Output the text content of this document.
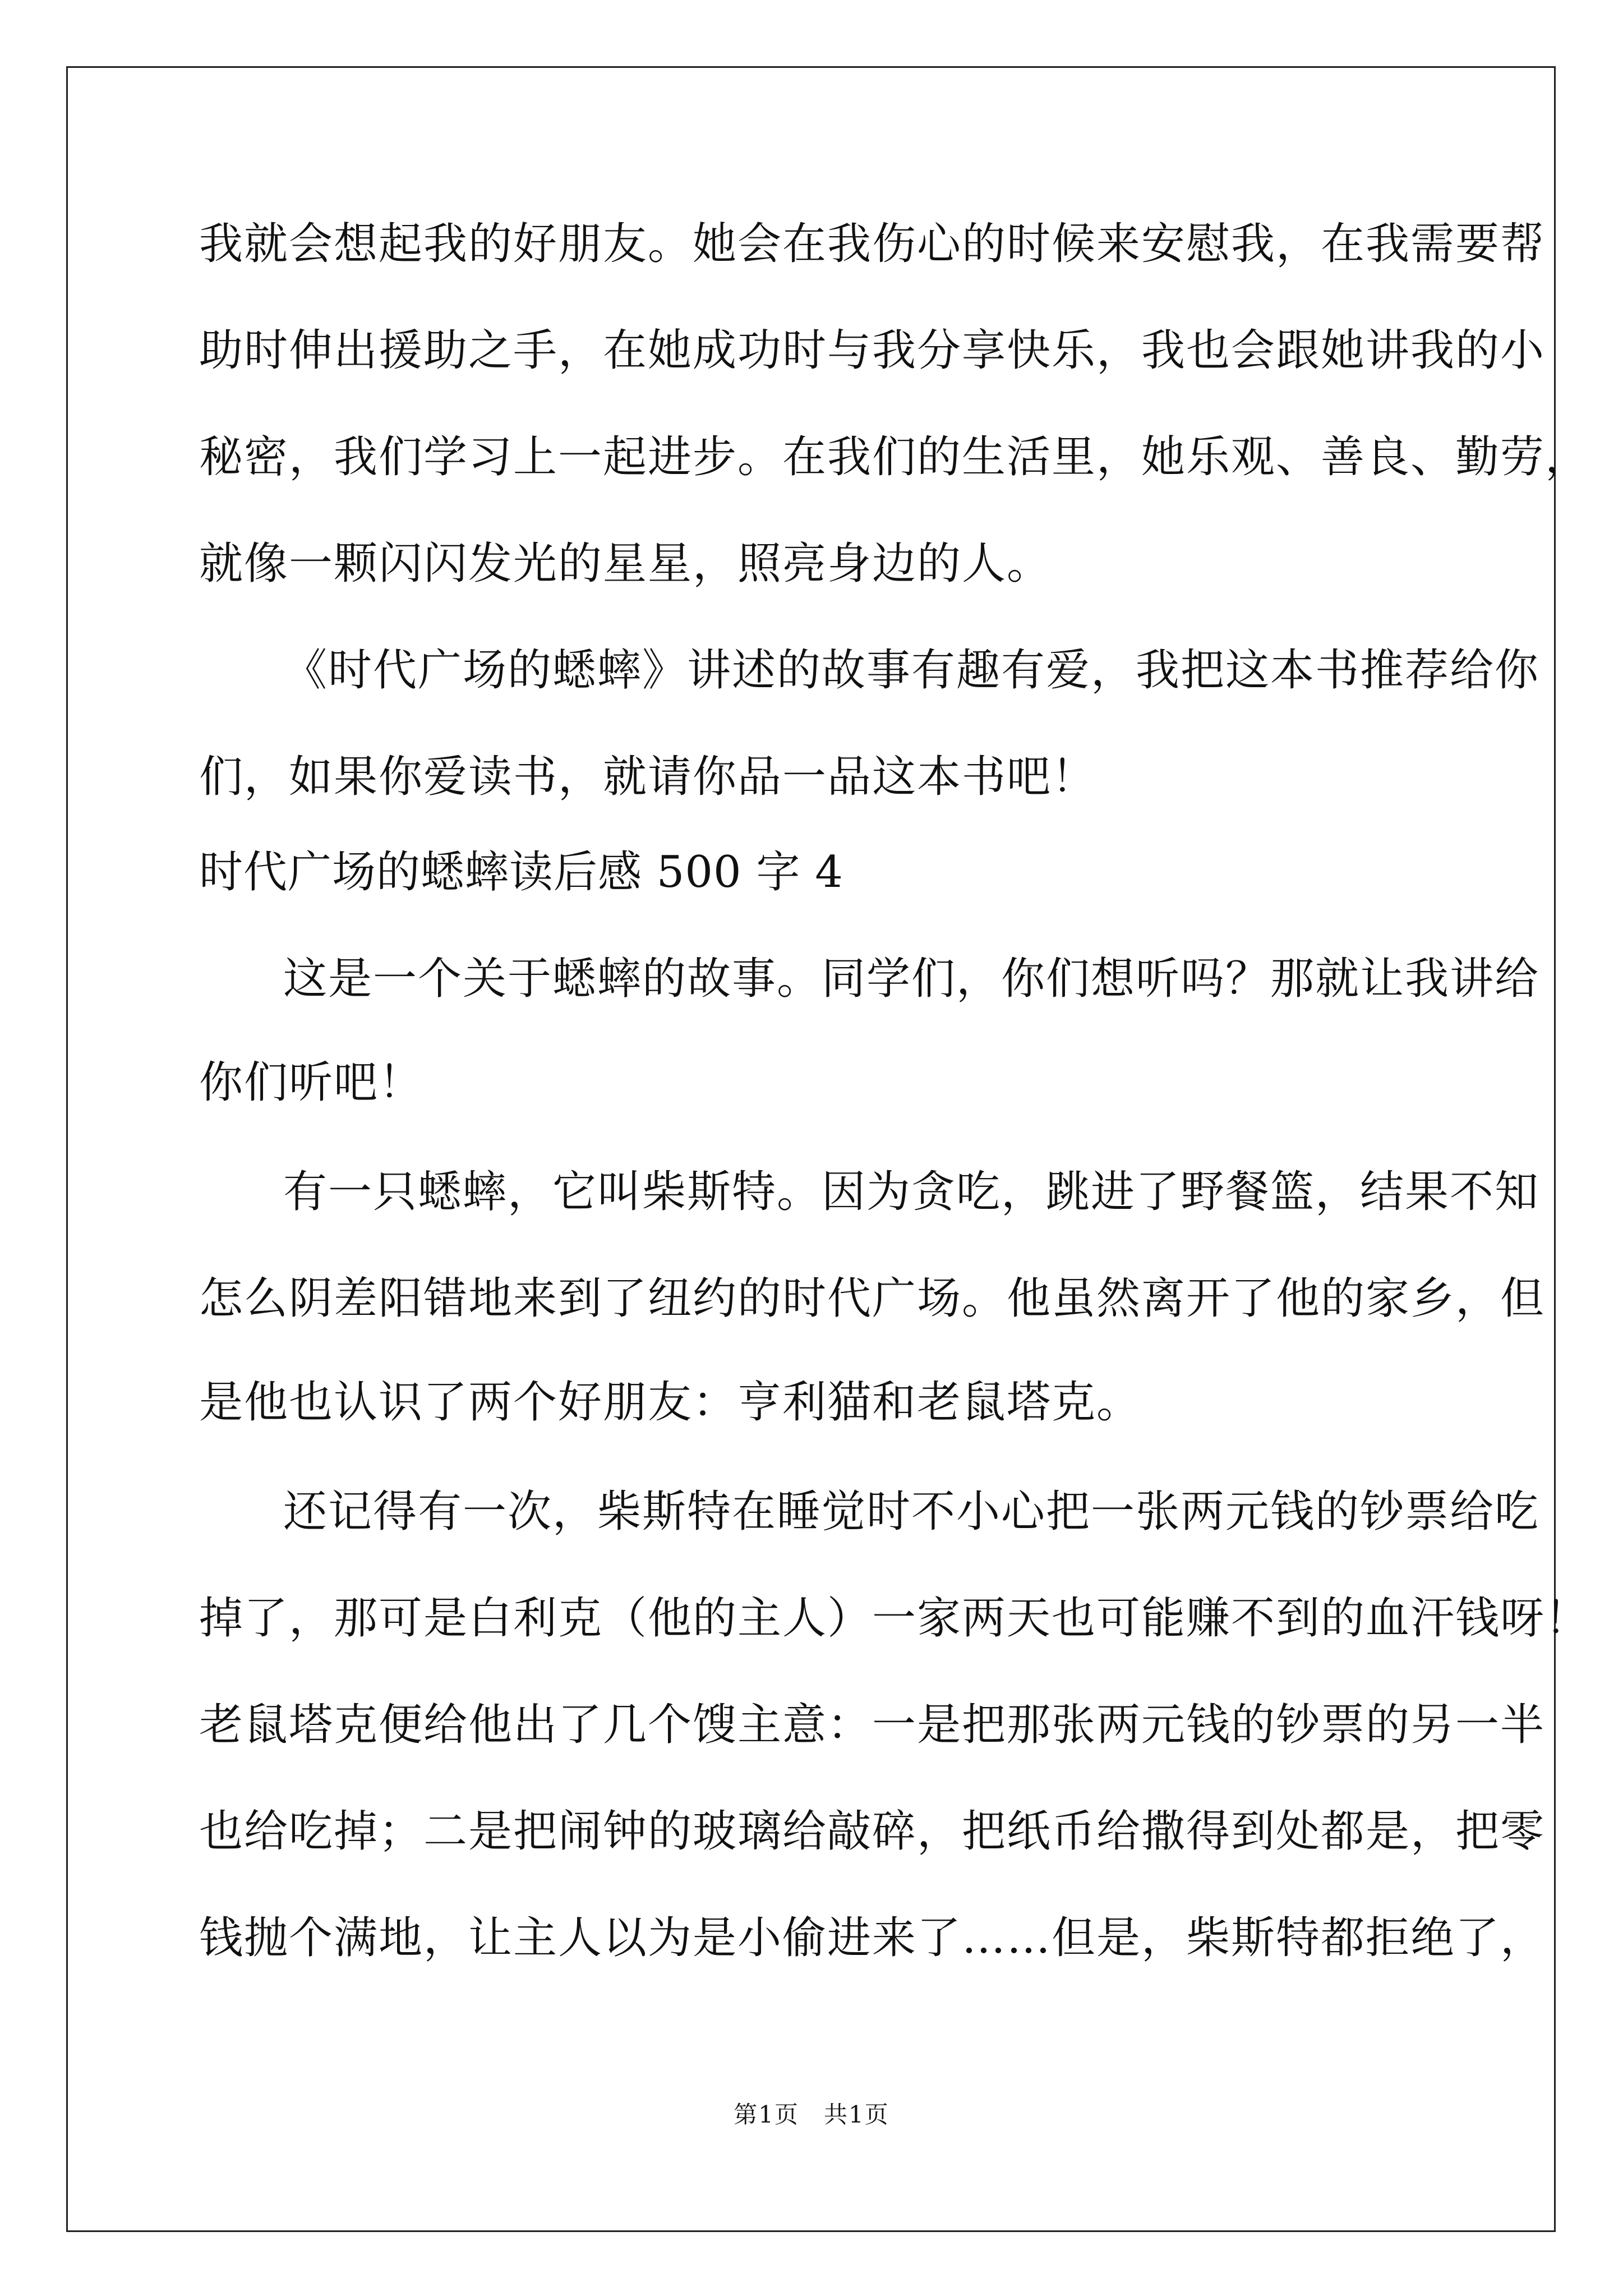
我就会想起我的好朋友。她会在我伤心的时候来安慰我，在我需要帮
助时伸出援助之手，在她成功时与我分享快乐，我也会跟她讲我的小
秘密，我们学习上一起进步。在我们的生活里，她乐观、善良、勤劳，
就像一颗闪闪发光的星星，照亮身边的人。
《时代广场的蟋蟀》讲述的故事有趣有爱，我把这本书推荐给你
们，如果你爱读书，就请你品一品这本书吧！
时代广场的蟋蟀读后感 500 字 4
这是一个关于蟋蟀的故事。同学们，你们想听吗？那就让我讲给
你们听吧！
有一只蟋蟀，它叫柴斯特。因为贪吃，跳进了野餐篮，结果不知
怎么阴差阳错地来到了纽约的时代广场。他虽然离开了他的家乡，但
是他也认识了两个好朋友：亨利猫和老鼠塔克。
还记得有一次，柴斯特在睡觉时不小心把一张两元钱的钞票给吃
掉了，那可是白利克（他的主人）一家两天也可能赚不到的血汗钱呀！
老鼠塔克便给他出了几个馊主意：一是把那张两元钱的钞票的另一半
也给吃掉；二是把闹钟的玻璃给敲碎，把纸币给撒得到处都是，把零
钱抛个满地，让主人以为是小偷进来了……但是，柴斯特都拒绝了，
第1页　共1页
